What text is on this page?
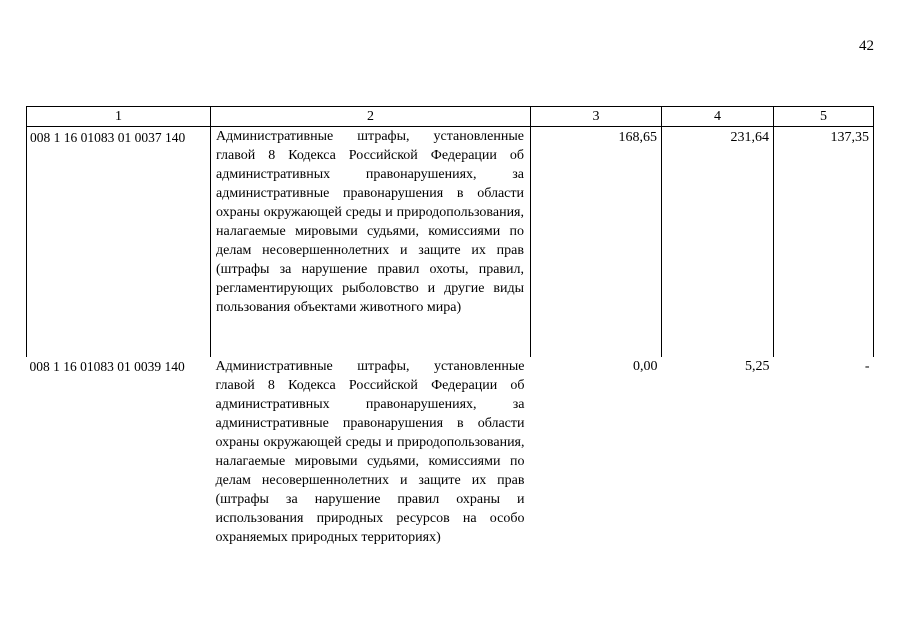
42
1	2	3	4	5
008 1 16 01083 01 0037 140	Административные штрафы, установленные главой 8 Кодекса Российской Федерации об административных правонарушениях, за административные правонарушения в области охраны окружающей среды и природопользования, налагаемые мировыми судьями, комиссиями по делам несовершеннолетних и защите их прав (штрафы за нарушение правил охоты, правил, регламентирующих рыболовство и другие виды пользования объектами животного мира)	168,65	231,64	137,35
008 1 16 01083 01 0039 140	Административные штрафы, установленные главой 8 Кодекса Российской Федерации об административных правонарушениях, за административные правонарушения в области охраны окружающей среды и природопользования, налагаемые мировыми судьями, комиссиями по делам несовершеннолетних и защите их прав (штрафы за нарушение правил охраны и использования природных ресурсов на особо охраняемых природных территориях)	0,00	5,25	-
